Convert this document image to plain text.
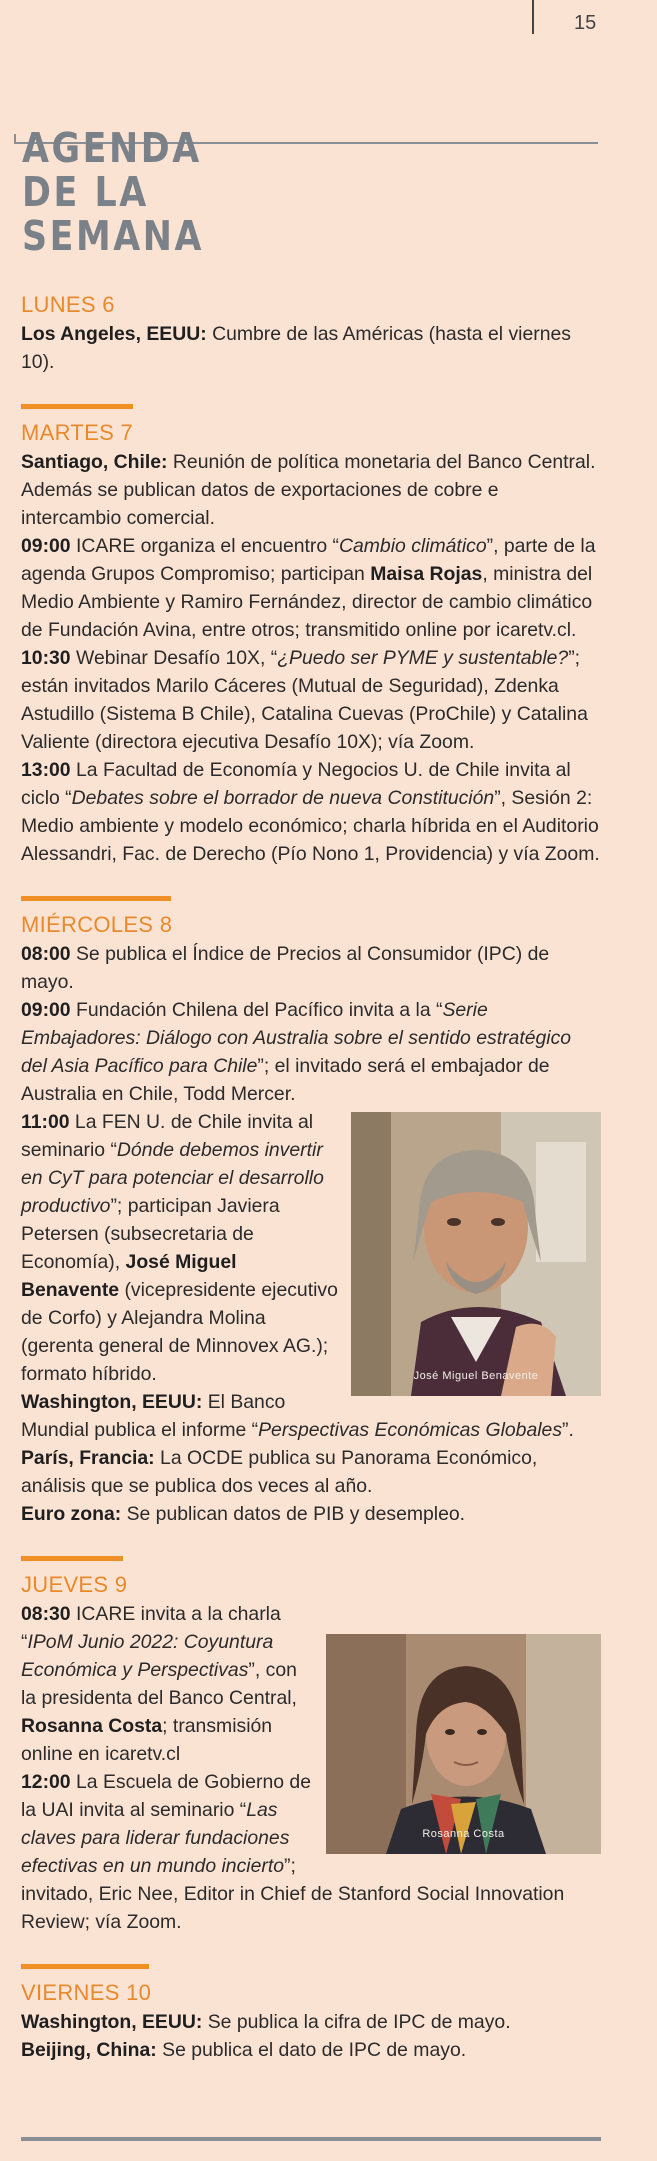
15
AGENDA
DE LA
SEMANA

LUNES 6

Los Angeles, EEUU: Cumbre de las Américas (hasta el viernes 10).

MARTES 7

Santiago, Chile: Reunión de política monetaria del Banco Central. Además se publican datos de exportaciones de cobre e intercambio comercial.

09:00 ICARE organiza el encuentro “Cambio climático”, parte de la agenda Grupos Compromiso; participan Maisa Rojas, ministra del Medio Ambiente y Ramiro Fernández, director de cambio climático de Fundación Avina, entre otros; transmitido online por icaretv.cl.

10:30 Webinar Desafío 10X, “¿Puedo ser PYME y sustentable?”; están invitados Marilo Cáceres (Mutual de Seguridad), Zdenka Astudillo (Sistema B Chile), Catalina Cuevas (ProChile) y Catalina Valiente (directora ejecutiva Desafío 10X); vía Zoom.

13:00 La Facultad de Economía y Negocios U. de Chile invita al ciclo “Debates sobre el borrador de nueva Constitución”, Sesión 2: Medio ambiente y modelo económico; charla híbrida en el Auditorio Alessandri, Fac. de Derecho (Pío Nono 1, Providencia) y vía Zoom.

MIÉRCOLES 8

08:00 Se publica el Índice de Precios al Consumidor (IPC) de mayo.

09:00 Fundación Chilena del Pacífico invita a la “Serie Embajadores: Diálogo con Australia sobre el sentido estratégico del Asia Pacífico para Chile”; el invitado será el embajador de Australia en Chile, Todd Mercer.

José Miguel Benavente

11:00 La FEN U. de Chile invita al seminario “Dónde debemos invertir en CyT para potenciar el desarrollo productivo”; participan Javiera Petersen (subsecretaria de Economía), José Miguel Benavente (vicepresidente ejecutivo de Corfo) y Alejandra Molina (gerenta general de Minnovex AG.); formato híbrido.

Washington, EEUU: El Banco Mundial publica el informe “Perspectivas Económicas Globales”.

París, Francia: La OCDE publica su Panorama Económico, análisis que se publica dos veces al año.

Euro zona: Se publican datos de PIB y desempleo.

JUEVES 9

Rosanna Costa

08:30 ICARE invita a la charla “IPoM Junio 2022: Coyuntura Económica y Perspectivas”, con la presidenta del Banco Central, Rosanna Costa; transmisión online en icaretv.cl

12:00 La Escuela de Gobierno de la UAI invita al seminario “Las claves para liderar fundaciones efectivas en un mundo incierto”; invitado, Eric Nee, Editor in Chief de Stanford Social Innovation Review; vía Zoom.

VIERNES 10

Washington, EEUU: Se publica la cifra de IPC de mayo.

Beijing, China: Se publica el dato de IPC de mayo.
